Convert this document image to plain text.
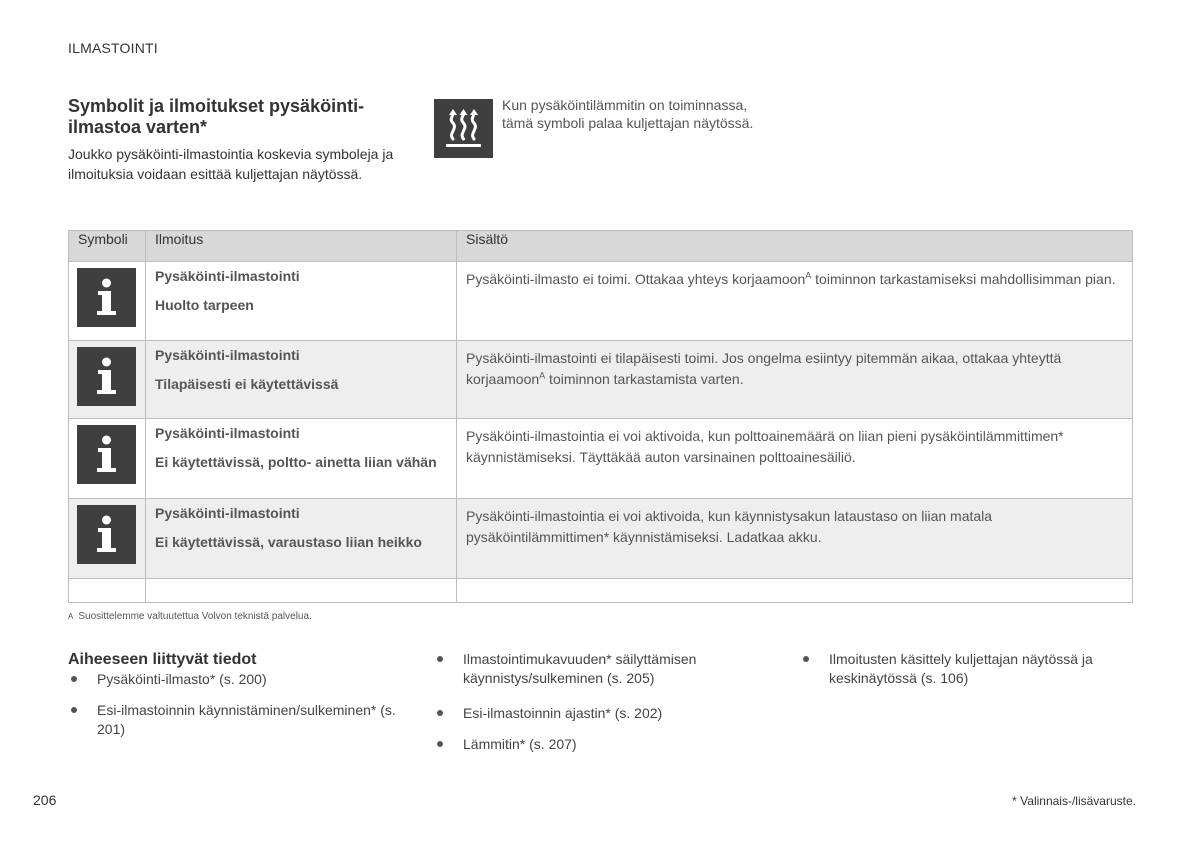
ILMASTOINTI
Symbolit ja ilmoitukset pysäköinti-ilmastoa varten*

Joukko pysäköinti-ilmastointia koskevia symboleja ja ilmoituksia voidaan esittää kuljettajan näytössä.

Kun pysäköintilämmitin on toiminnassa, tämä symboli palaa kuljettajan näytössä.
Symboli	Ilmoitus	Sisältö

Pysäköinti-ilmastointi
Huolto tarpeen	Pysäköinti-ilmasto ei toimi. Ottakaa yhteys korjaamoon$^A$ toiminnon tarkastamiseksi mahdollisimman pian.

Pysäköinti-ilmastointi
Tilapäisesti ei käytettävissä	Pysäköinti-ilmastointi ei tilapäisesti toimi. Jos ongelma esiintyy pitemmän aikaa, ottakaa yhteyttä korjaamoon$^A$ toiminnon tarkastamista varten.

Pysäköinti-ilmastointi
Ei käytettävissä, poltto- ainetta liian vähän	Pysäköinti-ilmastointia ei voi aktivoida, kun polttoainemäärä on liian pieni pysäköintilämmittimen* käynnistämiseksi. Täyttäkää auton varsinainen polttoainesäiliö.

Pysäköinti-ilmastointi
Ei käytettävissä, varaustaso liian heikko	Pysäköinti-ilmastointia ei voi aktivoida, kun käynnistysakun lataustaso on liian matala pysäköintilämmittimen* käynnistämiseksi. Ladatkaa akku.

A Suosittelemme valtuutettua Volvon teknistä palvelua.
Pysäköinti-ilmasto* (s. 200)
Esi-ilmastoinnin käynnistäminen/sulkeminen* (s. 201)
Aiheeseen liittyvät tiedot	Ilmastointimukavuuden* säilyttämisen käynnistys/sulkeminen (s. 205)
Esi-ilmastoinnin ajastin* (s. 202)
Lämmitin* (s. 207)
Ilmoitusten käsittely kuljettajan näytössä ja keskinäytössä (s. 106)
206	* Valinnais-/lisävaruste.
